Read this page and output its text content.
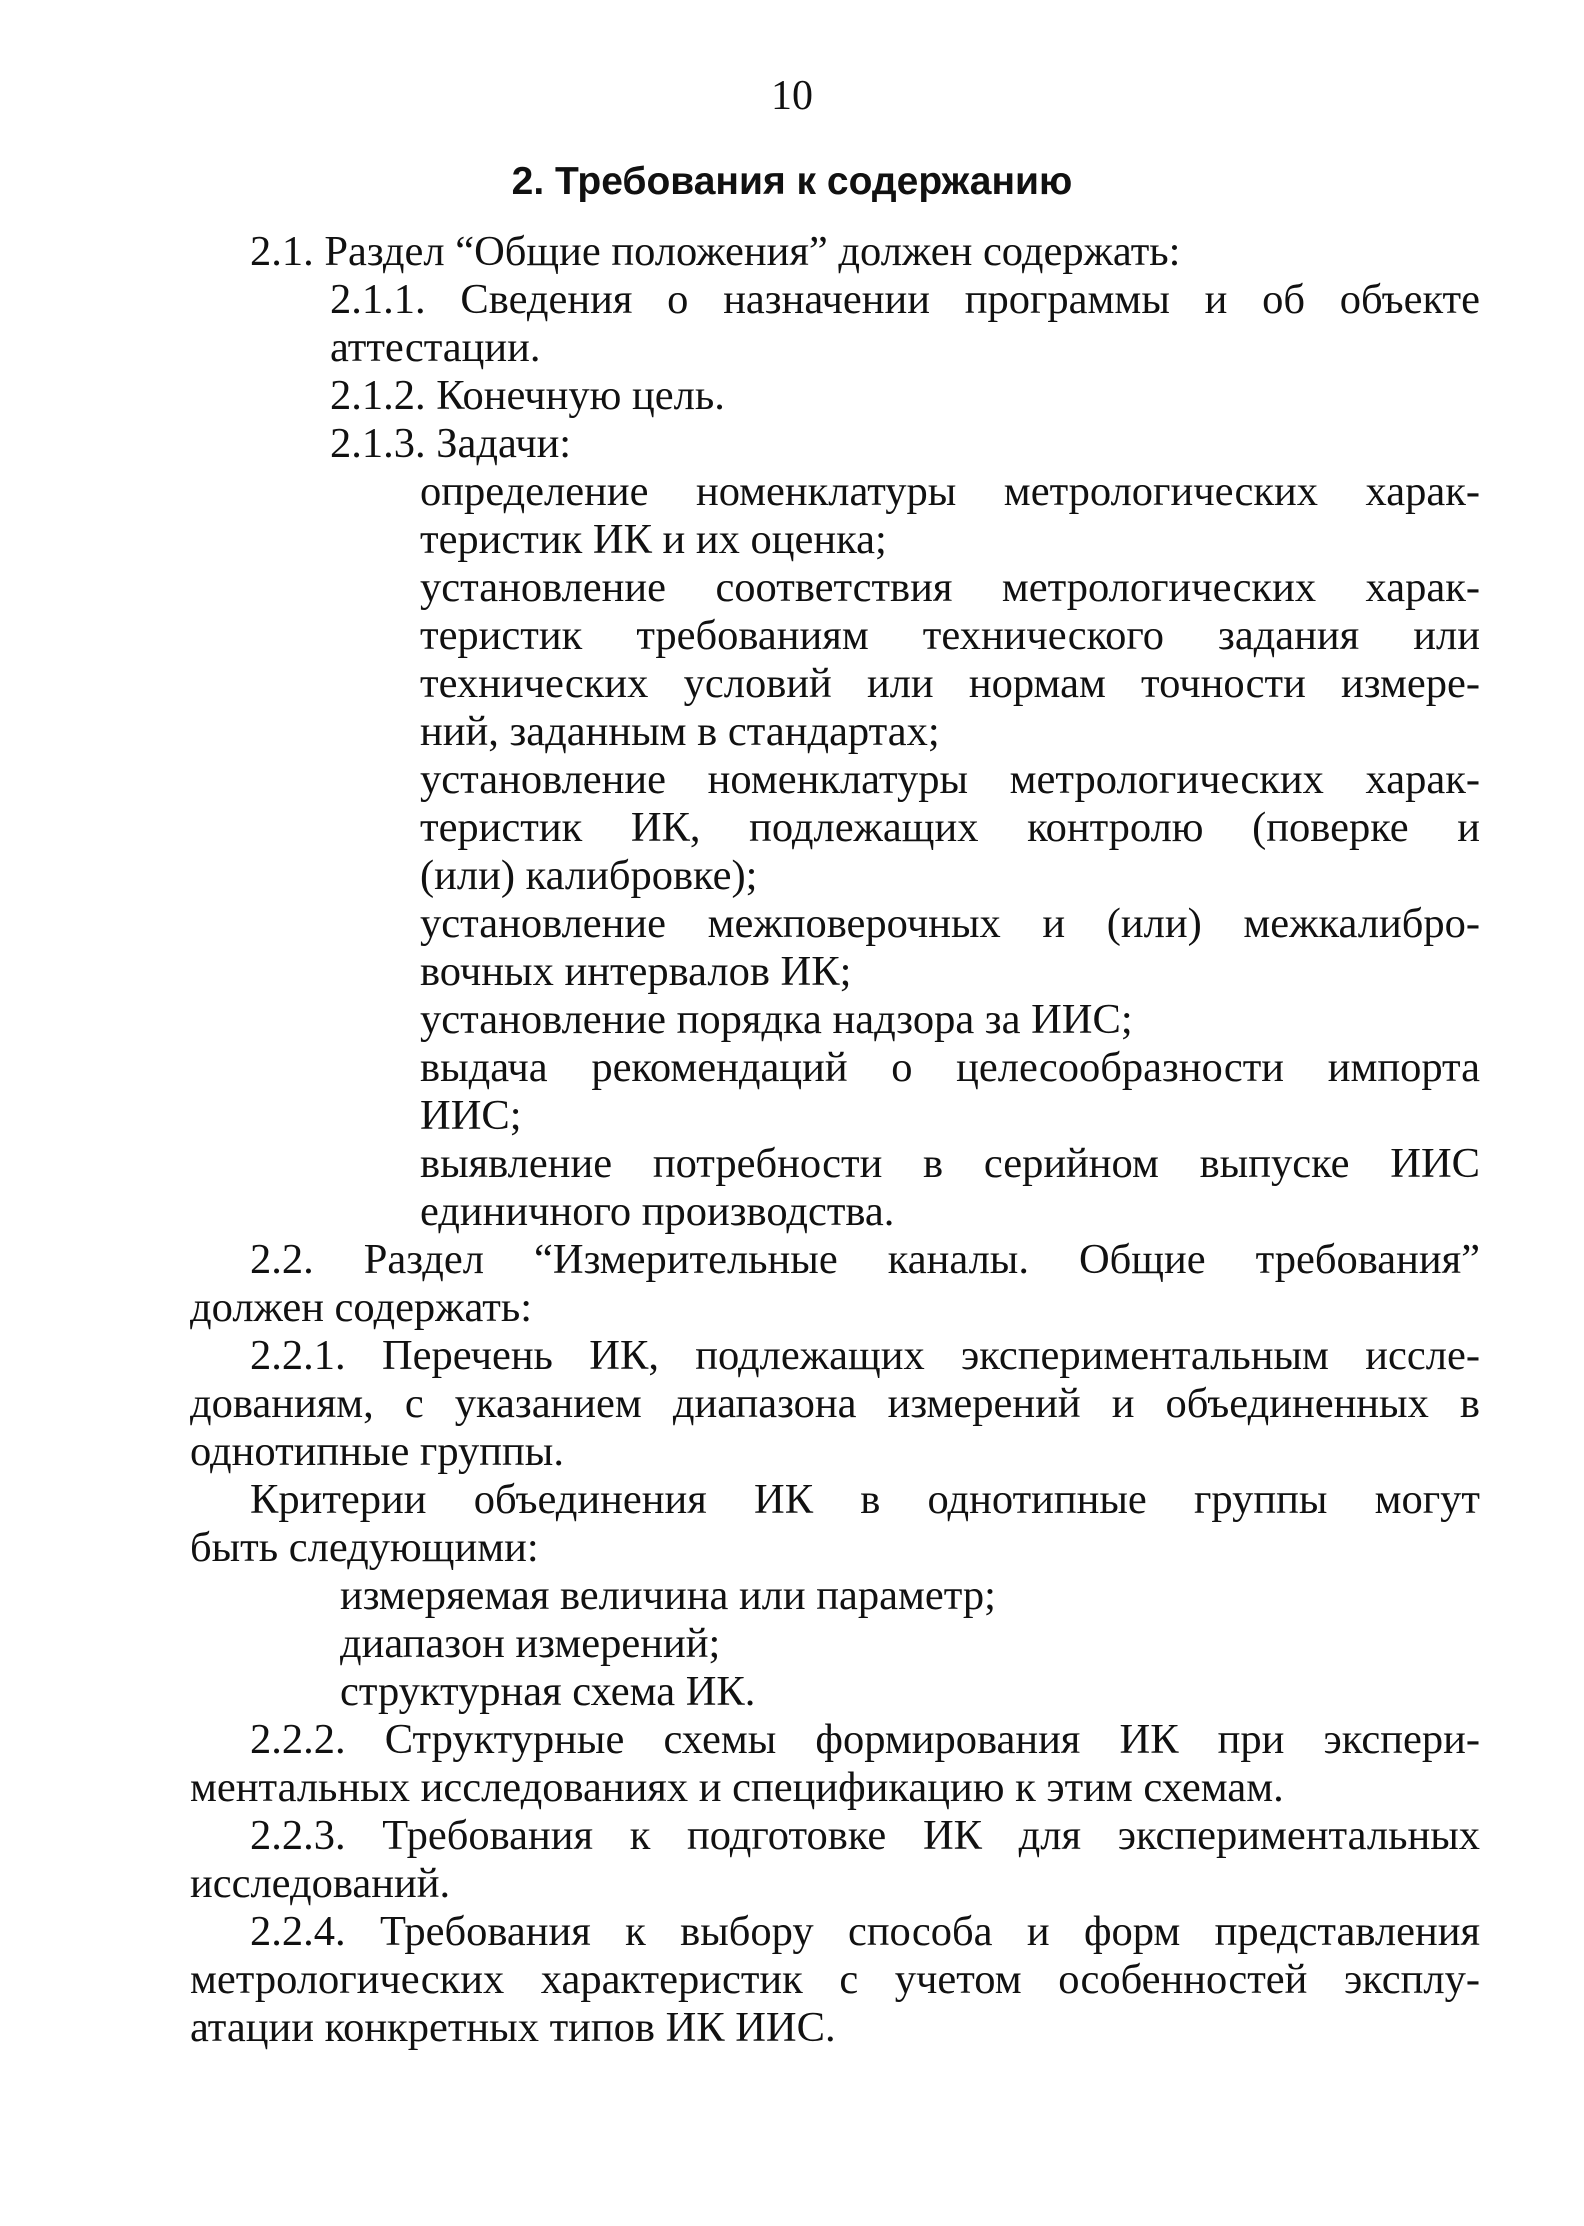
10
2. Требования к содержанию
2.1. Раздел “Общие положения” должен содержать:
2.1.1. Сведения о назначении программы и об объекте
аттестации.
2.1.2. Конечную цель.
2.1.3. Задачи:
определение номенклатуры метрологических харак-
теристик ИК и их оценка;
установление соответствия метрологических харак-
теристик требованиям технического задания или
технических условий или нормам точности измере-
ний, заданным в стандартах;
установление номенклатуры метрологических харак-
теристик ИК, подлежащих контролю (поверке и
(или) калибровке);
установление межповерочных и (или) межкалибро-
вочных интервалов ИК;
установление порядка надзора за ИИС;
выдача рекомендаций о целесообразности импорта
ИИС;
выявление потребности в серийном выпуске ИИС
единичного производства.
2.2. Раздел “Измерительные каналы. Общие требования”
должен содержать:
2.2.1. Перечень ИК, подлежащих экспериментальным иссле-
дованиям, с указанием диапазона измерений и объединенных в
однотипные группы.
Критерии объединения ИК в однотипные группы могут
быть следующими:
измеряемая величина или параметр;
диапазон измерений;
структурная схема ИК.
2.2.2. Структурные схемы формирования ИК при экспери-
ментальных исследованиях и спецификацию к этим схемам.
2.2.3. Требования к подготовке ИК для экспериментальных
исследований.
2.2.4. Требования к выбору способа и форм представления
метрологических характеристик с учетом особенностей эксплу-
атации конкретных типов ИК ИИС.
